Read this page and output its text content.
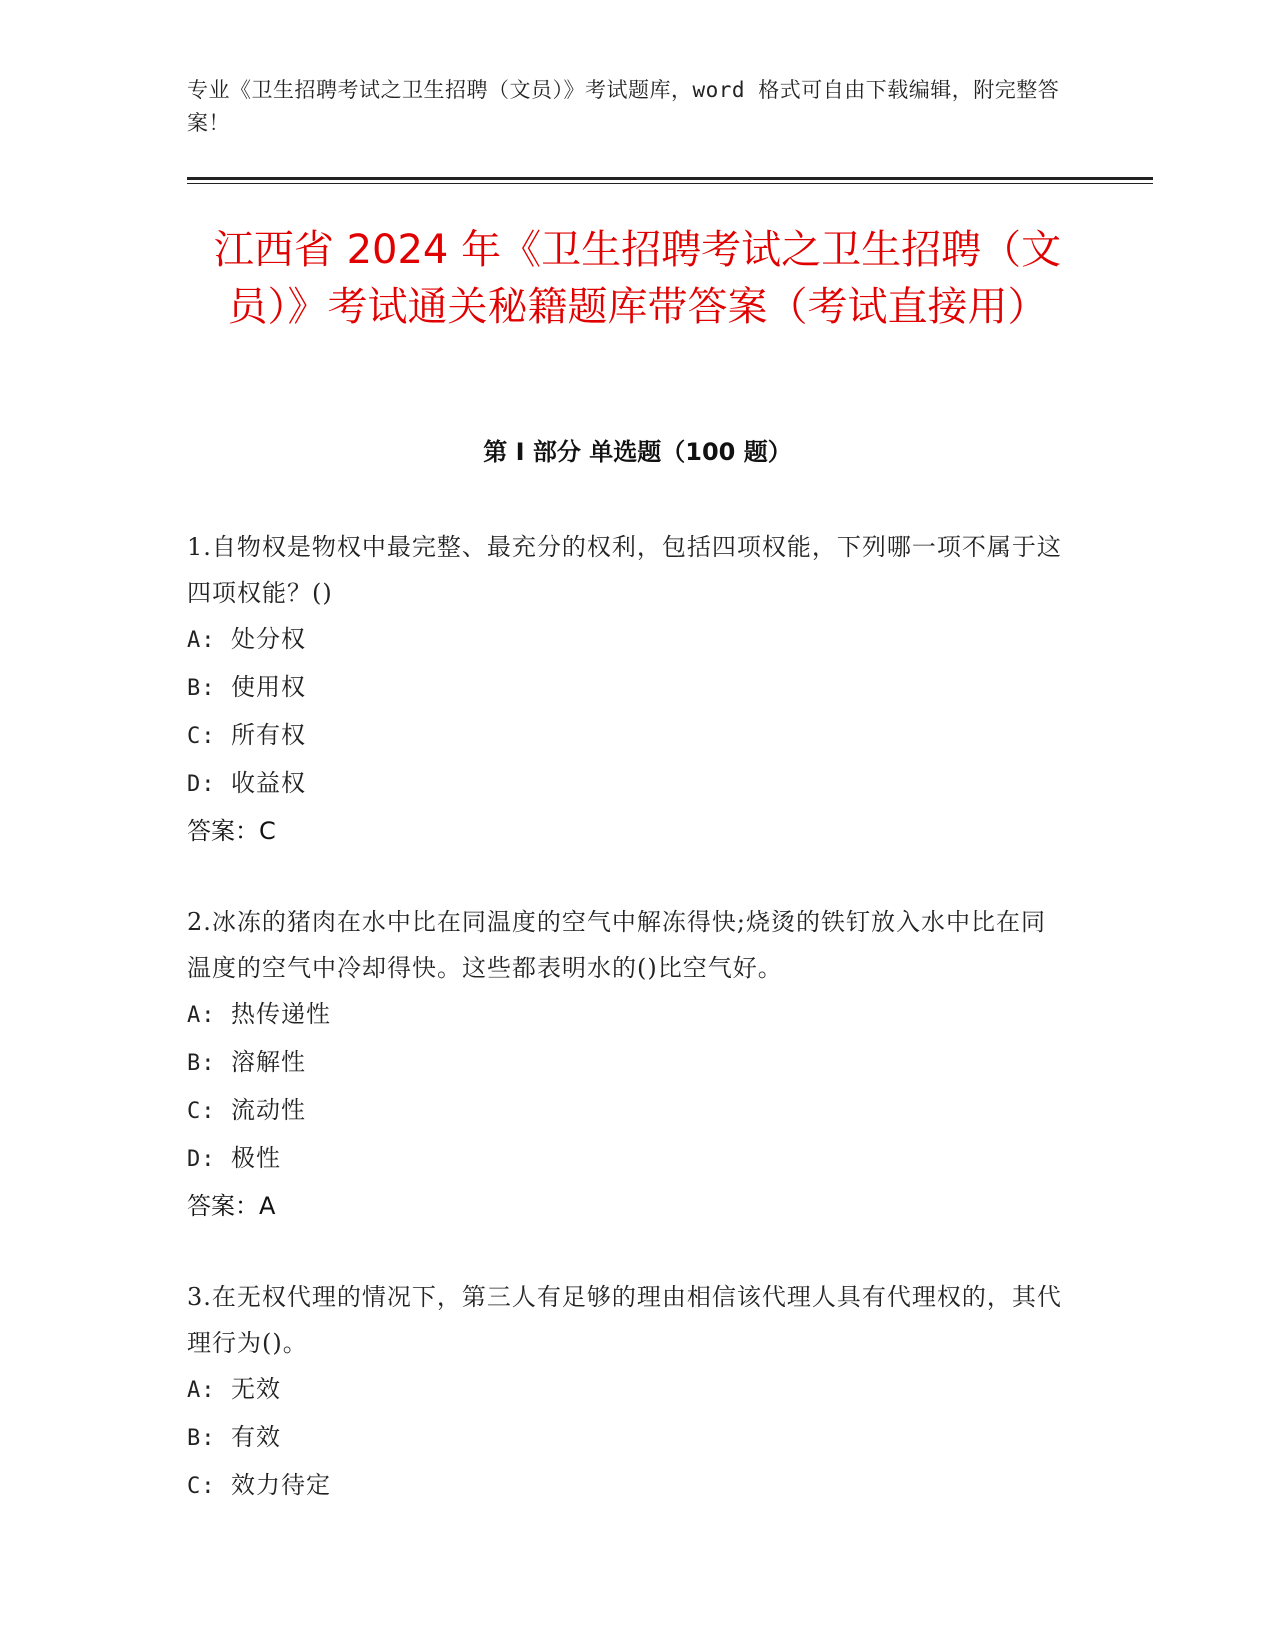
专业《卫生招聘考试之卫生招聘（文员）》考试题库，word 格式可自由下载编辑，附完整答案！
江西省 2024 年《卫生招聘考试之卫生招聘（文员）》考试通关秘籍题库带答案（考试直接用）
第 I 部分 单选题（100 题）
1.自物权是物权中最完整、最充分的权利，包括四项权能，下列哪一项不属于这四项权能？()
A: 处分权
B: 使用权
C: 所有权
D: 收益权
答案：C
2.冰冻的猪肉在水中比在同温度的空气中解冻得快;烧烫的铁钉放入水中比在同温度的空气中冷却得快。这些都表明水的()比空气好。
A: 热传递性
B: 溶解性
C: 流动性
D: 极性
答案：A
3.在无权代理的情况下，第三人有足够的理由相信该代理人具有代理权的，其代理行为()。
A: 无效
B: 有效
C: 效力待定
